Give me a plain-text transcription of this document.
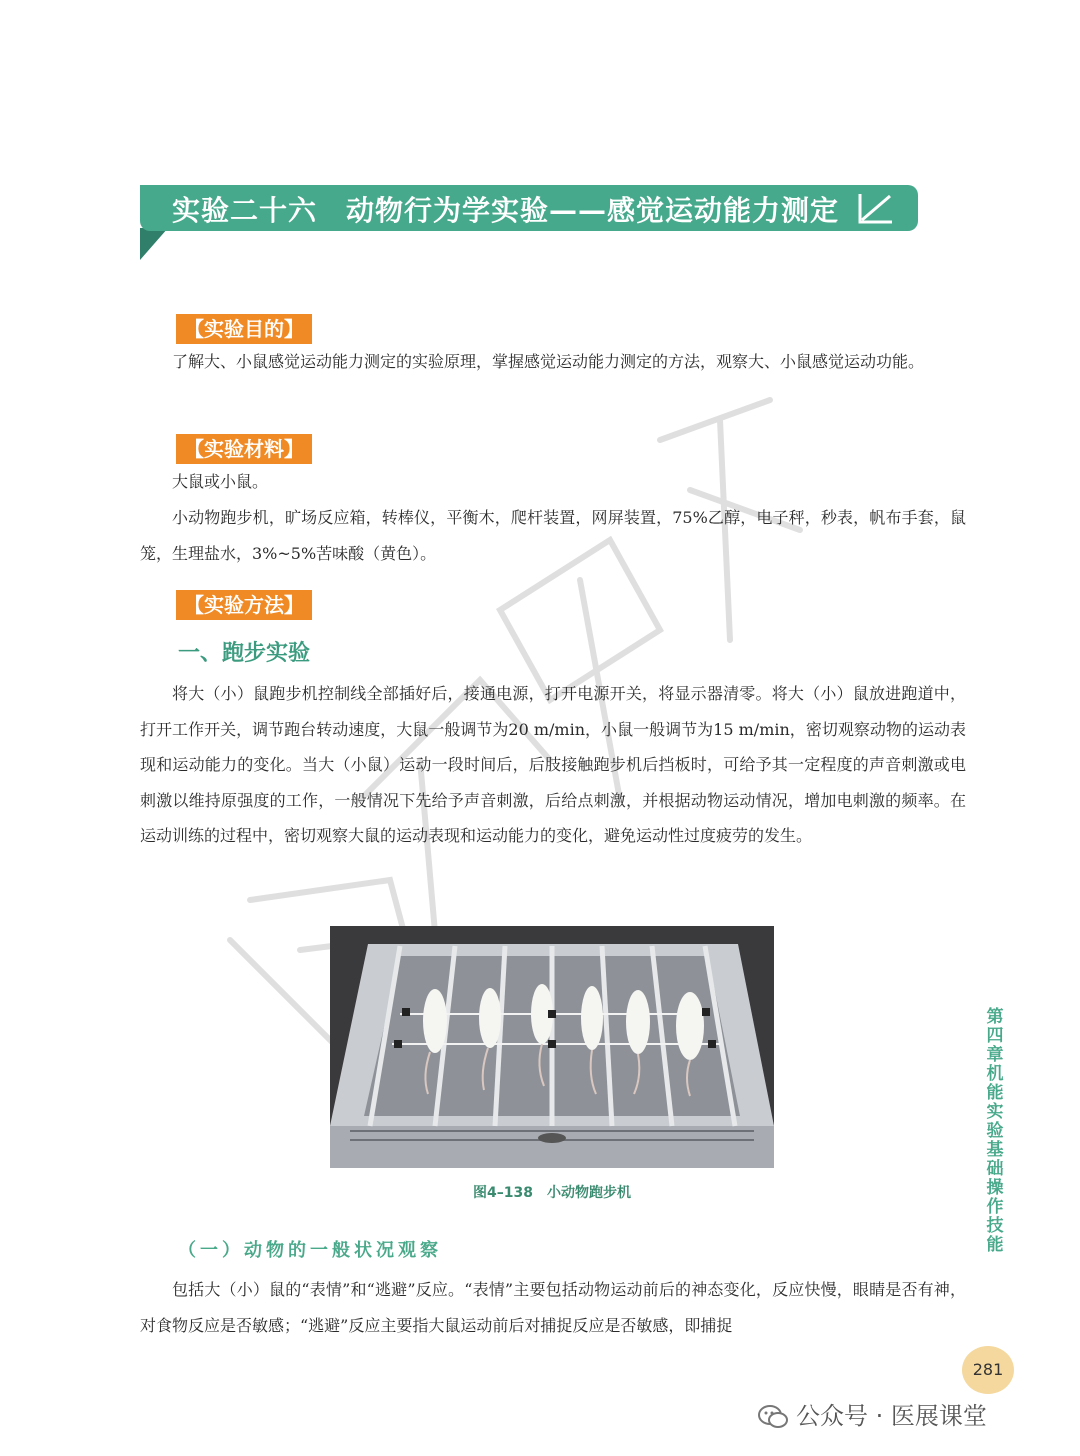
实验二十六　动物行为学实验——感觉运动能力测定
【实验目的】
了解大、小鼠感觉运动能力测定的实验原理，掌握感觉运动能力测定的方法，观察大、小鼠感觉运动功能。
【实验材料】
大鼠或小鼠。
小动物跑步机，旷场反应箱，转棒仪，平衡木，爬杆装置，网屏装置，75%乙醇，电子秤，秒表，帆布手套，鼠笼，生理盐水，3%~5%苦味酸（黄色）。
【实验方法】
一、跑步实验
将大（小）鼠跑步机控制线全部插好后，接通电源，打开电源开关，将显示器清零。将大（小）鼠放进跑道中，打开工作开关，调节跑台转动速度，大鼠一般调节为20 m/min，小鼠一般调节为15 m/min，密切观察动物的运动表现和运动能力的变化。当大（小鼠）运动一段时间后，后肢接触跑步机后挡板时，可给予其一定程度的声音刺激或电刺激以维持原强度的工作，一般情况下先给予声音刺激，后给点刺激，并根据动物运动情况，增加电刺激的频率。在运动训练的过程中，密切观察大鼠的运动表现和运动能力的变化，避免运动性过度疲劳的发生。
图4–138　小动物跑步机
（一）动物的一般状况观察
包括大（小）鼠的“表情”和“逃避”反应。“表情”主要包括动物运动前后的神态变化，反应快慢，眼睛是否有神，对食物反应是否敏感；“逃避”反应主要指大鼠运动前后对捕捉反应是否敏感，即捕捉
第四章 机能实验基础操作技能
281
公众号 · 医展课堂
